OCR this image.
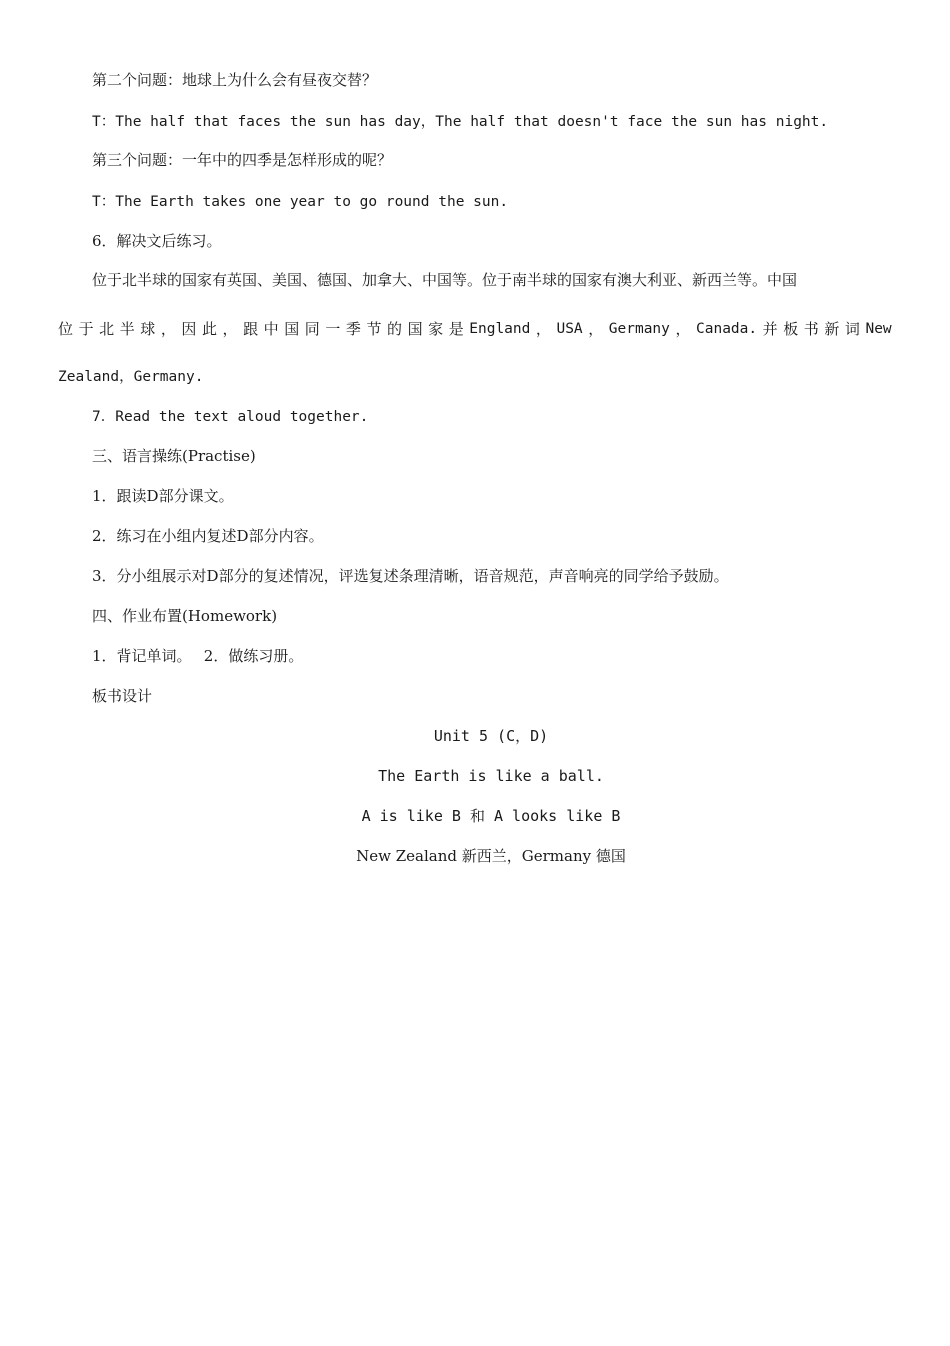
第二个问题：地球上为什么会有昼夜交替？
T：The half that faces the sun has day，The half that doesn't face the sun has night.
第三个问题：一年中的四季是怎样形成的呢？
T：The Earth takes one year to go round the sun.
6．解决文后练习。
位于北半球的国家有英国、美国、德国、加拿大、中国等。位于南半球的国家有澳大利亚、新西兰等。中国
位 于 北 半 球 ， 因 此 ， 跟 中 国 同 一 季 节 的 国 家 是 England ， USA ， Germany ， Canada. 并 板 书 新 词 New
Zealand，Germany.
7．Read the text aloud together.
三、语言操练(Practise)
1．跟读D部分课文。
2．练习在小组内复述D部分内容。
3．分小组展示对D部分的复述情况，评选复述条理清晰，语音规范，声音响亮的同学给予鼓励。
四、作业布置(Homework)
1．背记单词。　 2．做练习册。
板书设计
Unit 5 (C，D)
The Earth is like a ball.
A is like B 和 A looks like B
New Zealand 新西兰，Germany 德国
